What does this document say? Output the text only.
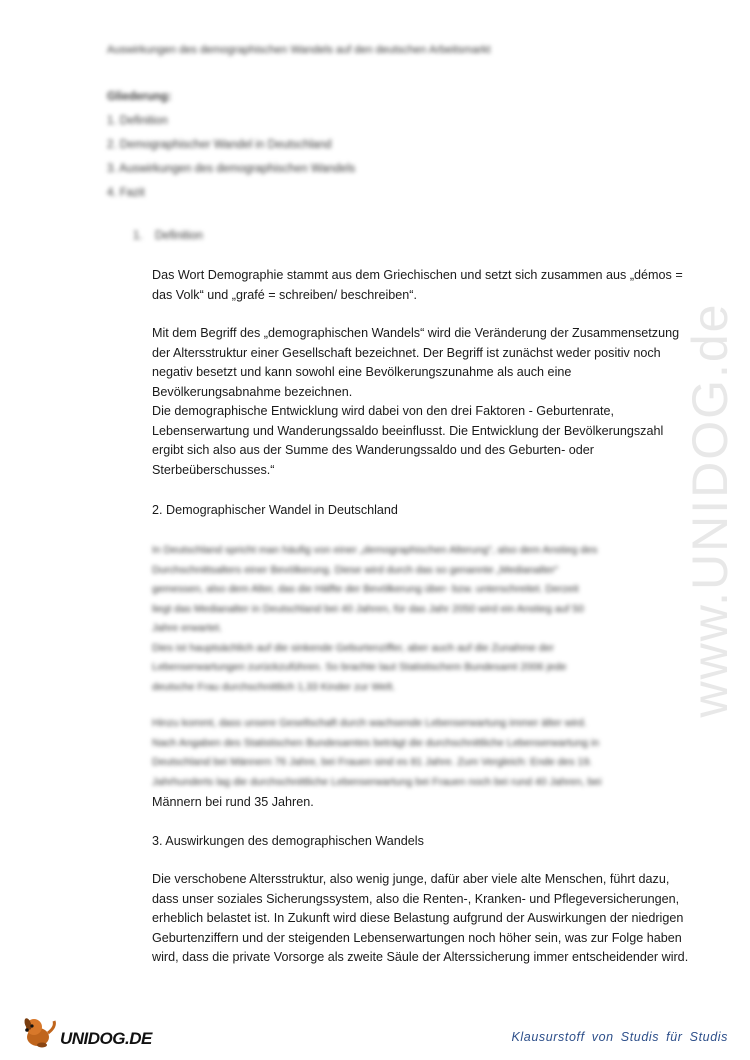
Auswirkungen des demographischen Wandels auf den deutschen Arbeitsmarkt
Gliederung:
1. Definition
2. Demographischer Wandel in Deutschland
3. Auswirkungen des demographischen Wandels
4. Fazit
1. Definition
Das Wort Demographie stammt aus dem Griechischen und setzt sich zusammen aus „démos = das Volk“ und „grafé = schreiben/ beschreiben“.
Mit dem Begriff des „demographischen Wandels“ wird die Veränderung der Zusammensetzung
der Altersstruktur einer Gesellschaft bezeichnet. Der Begriff ist zunächst weder positiv noch
negativ besetzt und kann sowohl eine Bevölkerungszunahme als auch eine
Bevölkerungsabnahme bezeichnen.
Die demographische Entwicklung wird dabei von den drei Faktoren - Geburtenrate,
Lebenserwartung und Wanderungssaldo beeinflusst. Die Entwicklung der Bevölkerungszahl
ergibt sich also aus der Summe des Wanderungssaldo und des Geburten- oder
Sterbeüberschusses.“
2. Demographischer Wandel in Deutschland
In Deutschland spricht man häufig von einer „demographischen Alterung“, also dem Anstieg des
Durchschnittsalters einer Bevölkerung. Diese wird durch das so genannte „Medianalter“
gemessen, also dem Alter, das die Hälfte der Bevölkerung über- bzw. unterschreitet. Derzeit
liegt das Medianalter in Deutschland bei 40 Jahren, für das Jahr 2050 wird ein Anstieg auf 50
Jahre erwartet.
Dies ist hauptsächlich auf die sinkende Geburtenziffer, aber auch auf die Zunahme der
Lebenserwartungen zurückzuführen. So brachte laut Statistischem Bundesamt 2006 jede
deutsche Frau durchschnittlich 1,33 Kinder zur Welt.
Hinzu kommt, dass unsere Gesellschaft durch wachsende Lebenserwartung immer älter wird.
Nach Angaben des Statistischen Bundesamtes beträgt die durchschnittliche Lebenserwartung in
Deutschland bei Männern 76 Jahre, bei Frauen sind es 81 Jahre. Zum Vergleich: Ende des 19.
Jahrhunderts lag die durchschnittliche Lebenserwartung bei Frauen noch bei rund 40 Jahren, bei
Männern bei rund 35 Jahren.
3. Auswirkungen des demographischen Wandels
Die verschobene Altersstruktur, also wenig junge, dafür aber viele alte Menschen, führt dazu,
dass unser soziales Sicherungssystem, also die Renten-, Kranken- und Pflegeversicherungen,
erheblich belastet ist. In Zukunft wird diese Belastung aufgrund der Auswirkungen der niedrigen
Geburtenziffern und der steigenden Lebenserwartungen noch höher sein, was zur Folge haben
wird, dass die private Vorsorge als zweite Säule der Alterssicherung immer entscheidender wird.
www.UNIDOG.de
UNIDOG.DE	Klausurstoff von Studis für Studis
